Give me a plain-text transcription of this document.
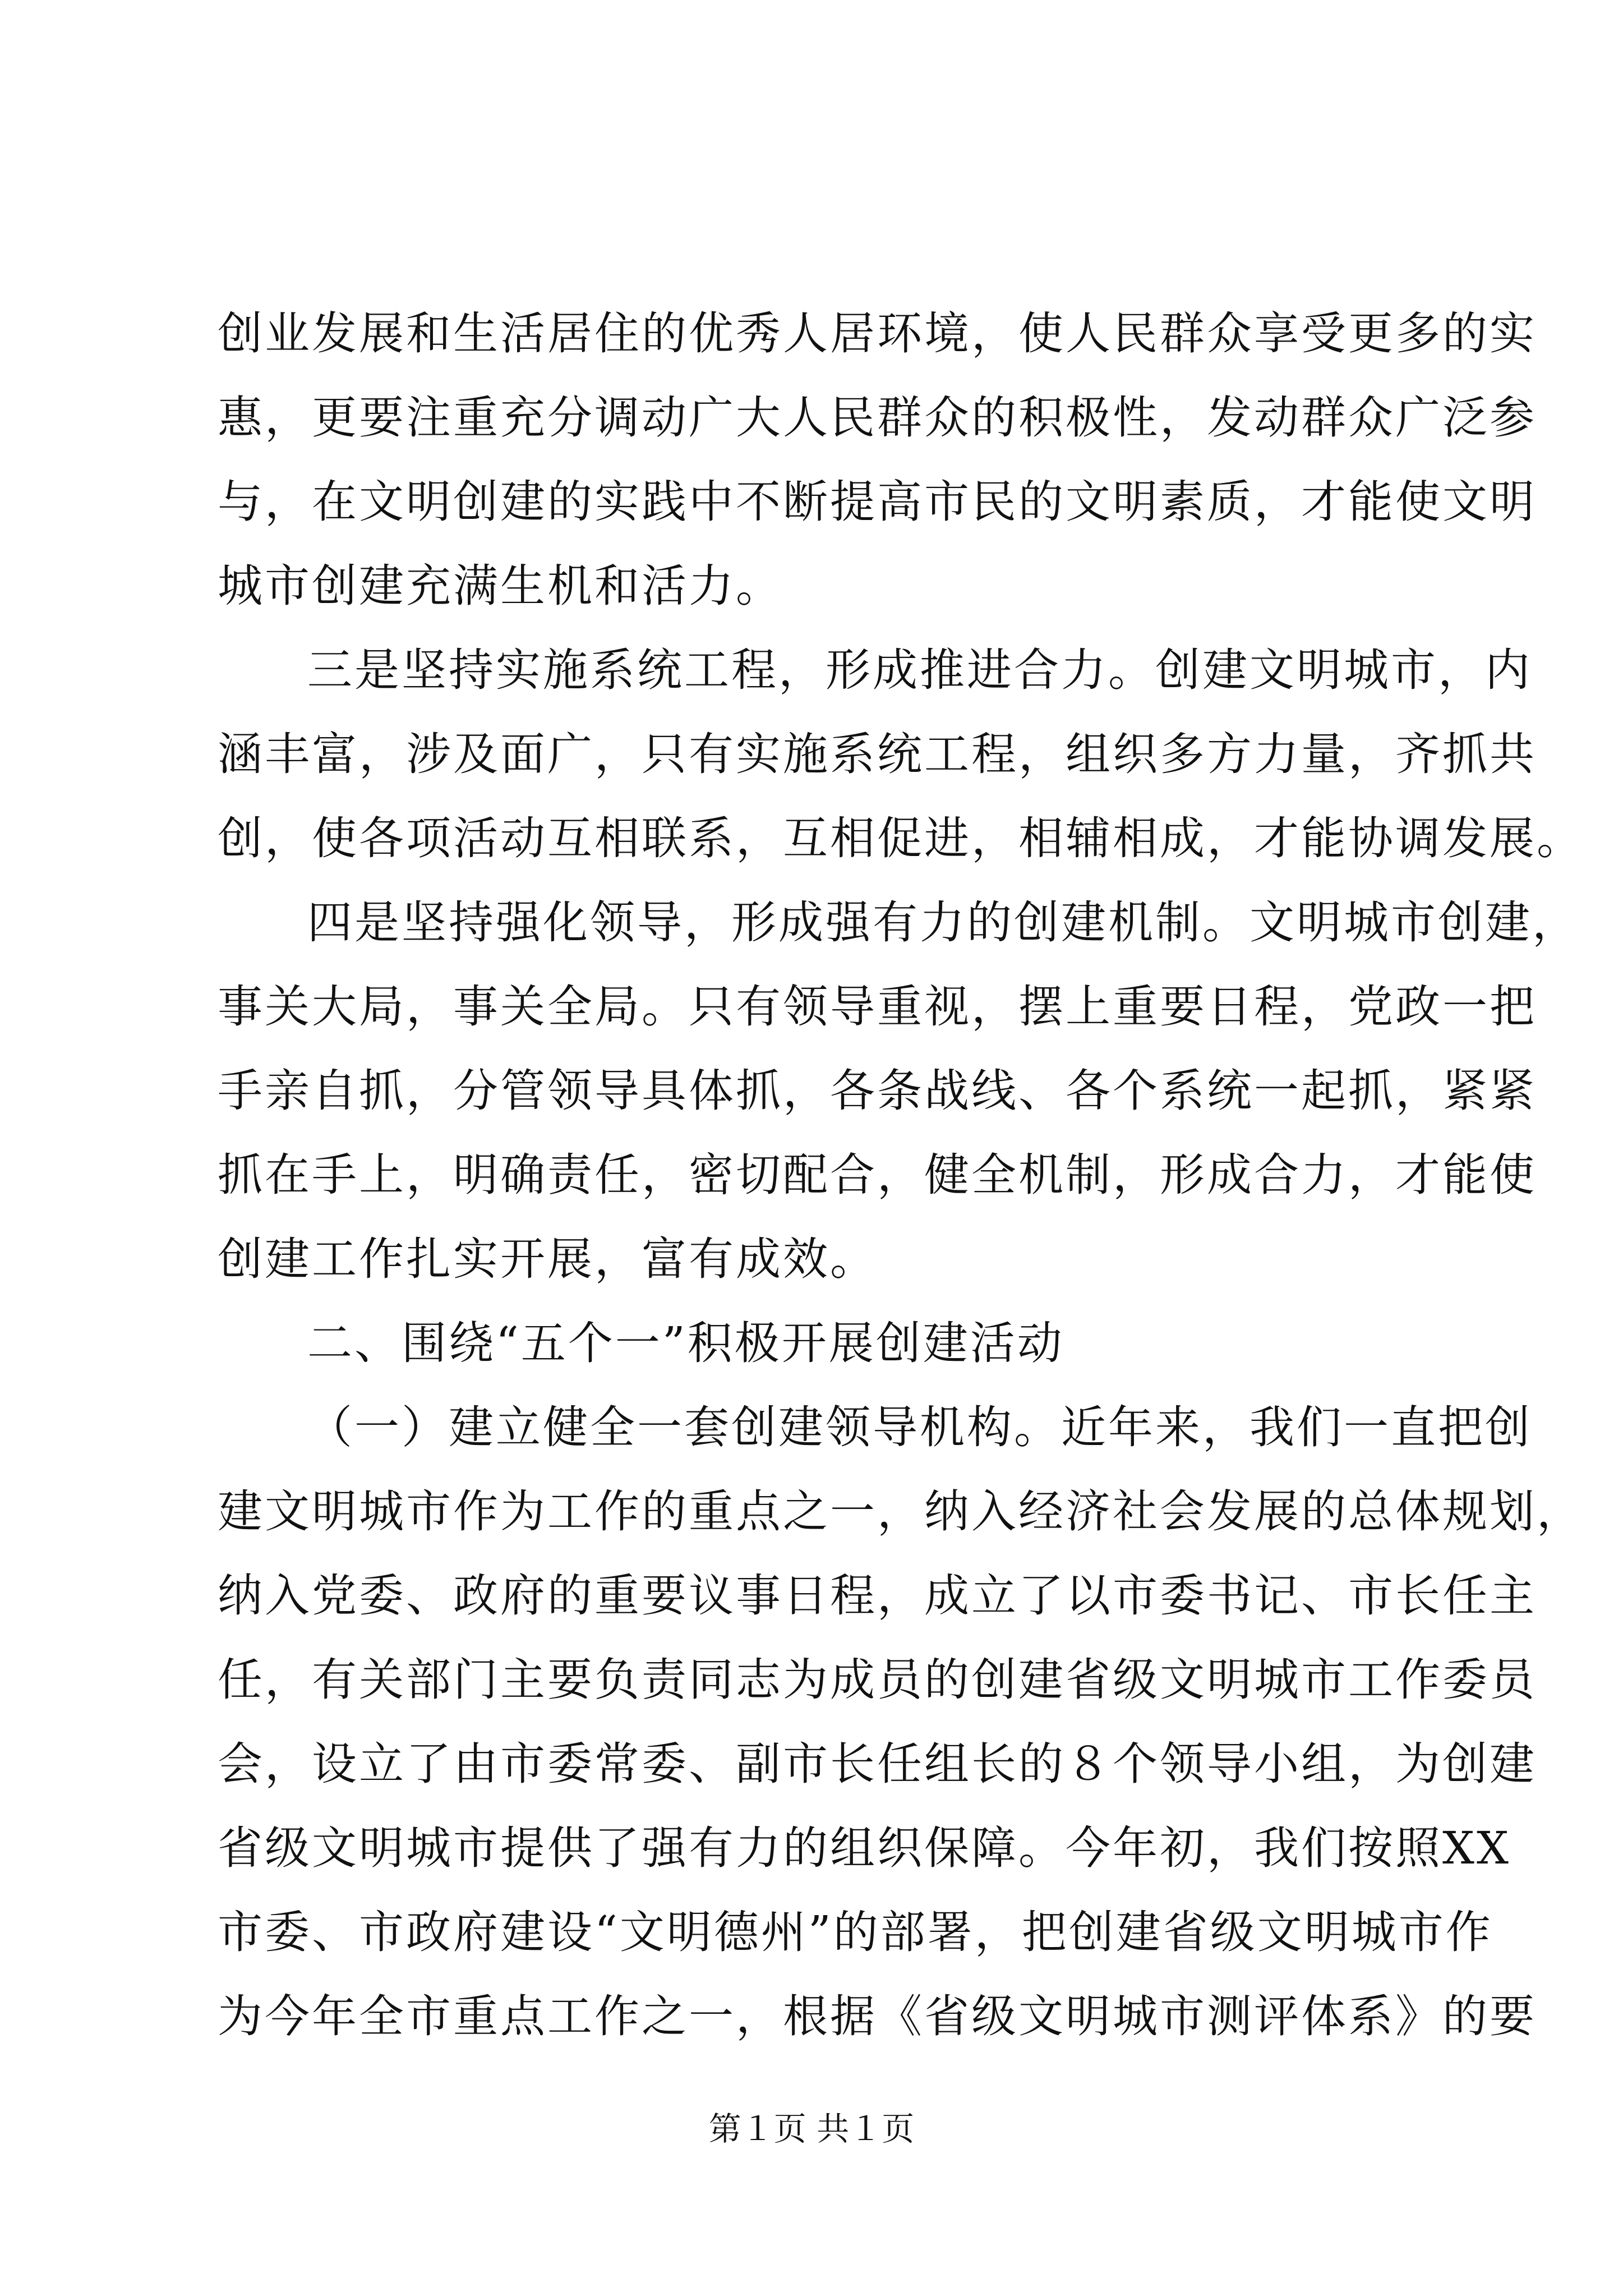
创业发展和生活居住的优秀人居环境，使人民群众享受更多的实
惠，更要注重充分调动广大人民群众的积极性，发动群众广泛参
与，在文明创建的实践中不断提高市民的文明素质，才能使文明
城市创建充满生机和活力。
三是坚持实施系统工程，形成推进合力。创建文明城市，内
涵丰富，涉及面广，只有实施系统工程，组织多方力量，齐抓共
创，使各项活动互相联系，互相促进，相辅相成，才能协调发展。
四是坚持强化领导，形成强有力的创建机制。文明城市创建，
事关大局，事关全局。只有领导重视，摆上重要日程，党政一把
手亲自抓，分管领导具体抓，各条战线、各个系统一起抓，紧紧
抓在手上，明确责任，密切配合，健全机制，形成合力，才能使
创建工作扎实开展，富有成效。
二、围绕“五个一”积极开展创建活动
（一）建立健全一套创建领导机构。近年来，我们一直把创
建文明城市作为工作的重点之一，纳入经济社会发展的总体规划，
纳入党委、政府的重要议事日程，成立了以市委书记、市长任主
任，有关部门主要负责同志为成员的创建省级文明城市工作委员
会，设立了由市委常委、副市长任组长的８个领导小组，为创建
省级文明城市提供了强有力的组织保障。今年初，我们按照XX
市委、市政府建设“文明德州”的部署，把创建省级文明城市作
为今年全市重点工作之一，根据《省级文明城市测评体系》的要
第１页 共１页
